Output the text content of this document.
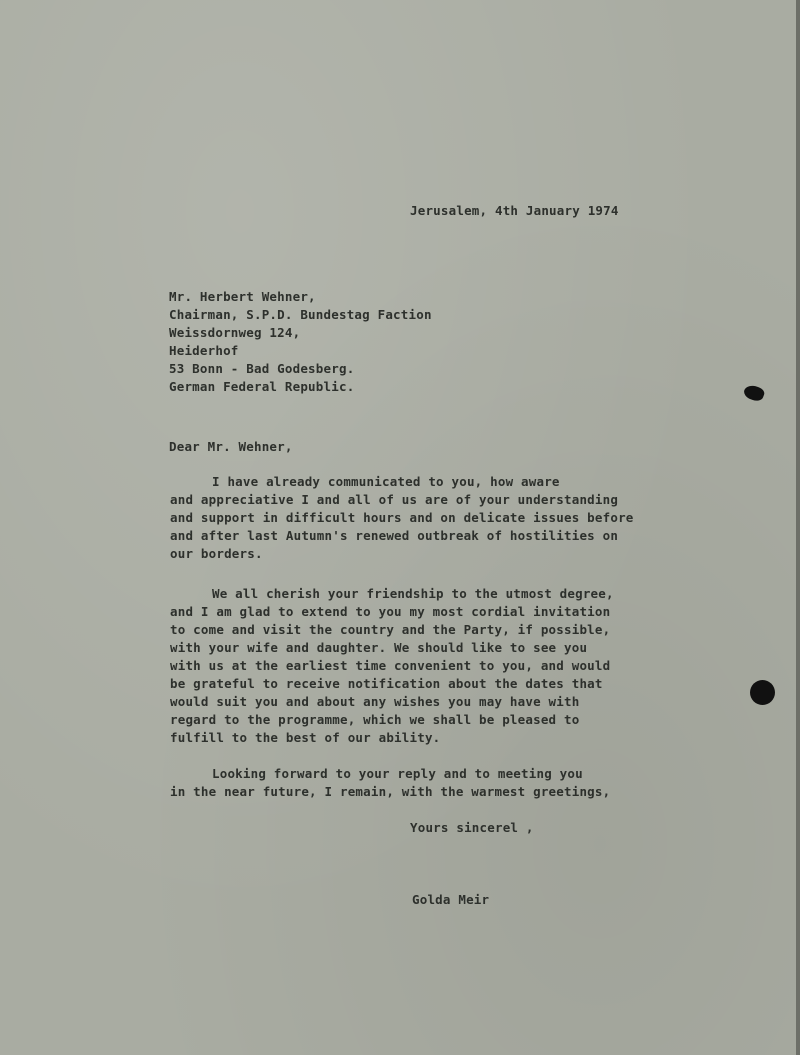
Jerusalem, 4th January 1974
Mr. Herbert Wehner,
Chairman, S.P.D. Bundestag Faction
Weissdornweg 124,
Heiderhof
53 Bonn - Bad Godesberg.
German Federal Republic.
Dear Mr. Wehner,
I have already communicated to you, how aware
and appreciative I and all of us are of your understanding
and support in difficult hours and on delicate issues before
and after last Autumn's renewed outbreak of hostilities on
our borders.
We all cherish your friendship to the utmost degree,
and I am glad to extend to you my most cordial invitation
to come and visit the country and the Party, if possible,
with your wife and daughter. We should like to see you
with us at the earliest time convenient to you, and would
be grateful to receive notification about the dates that
would suit you and about any wishes you may have with
regard to the programme, which we shall be pleased to
fulfill to the best of our ability.
Looking forward to your reply and to meeting you
in the near future, I remain, with the warmest greetings,
Yours sincerel ,
Golda Meir
